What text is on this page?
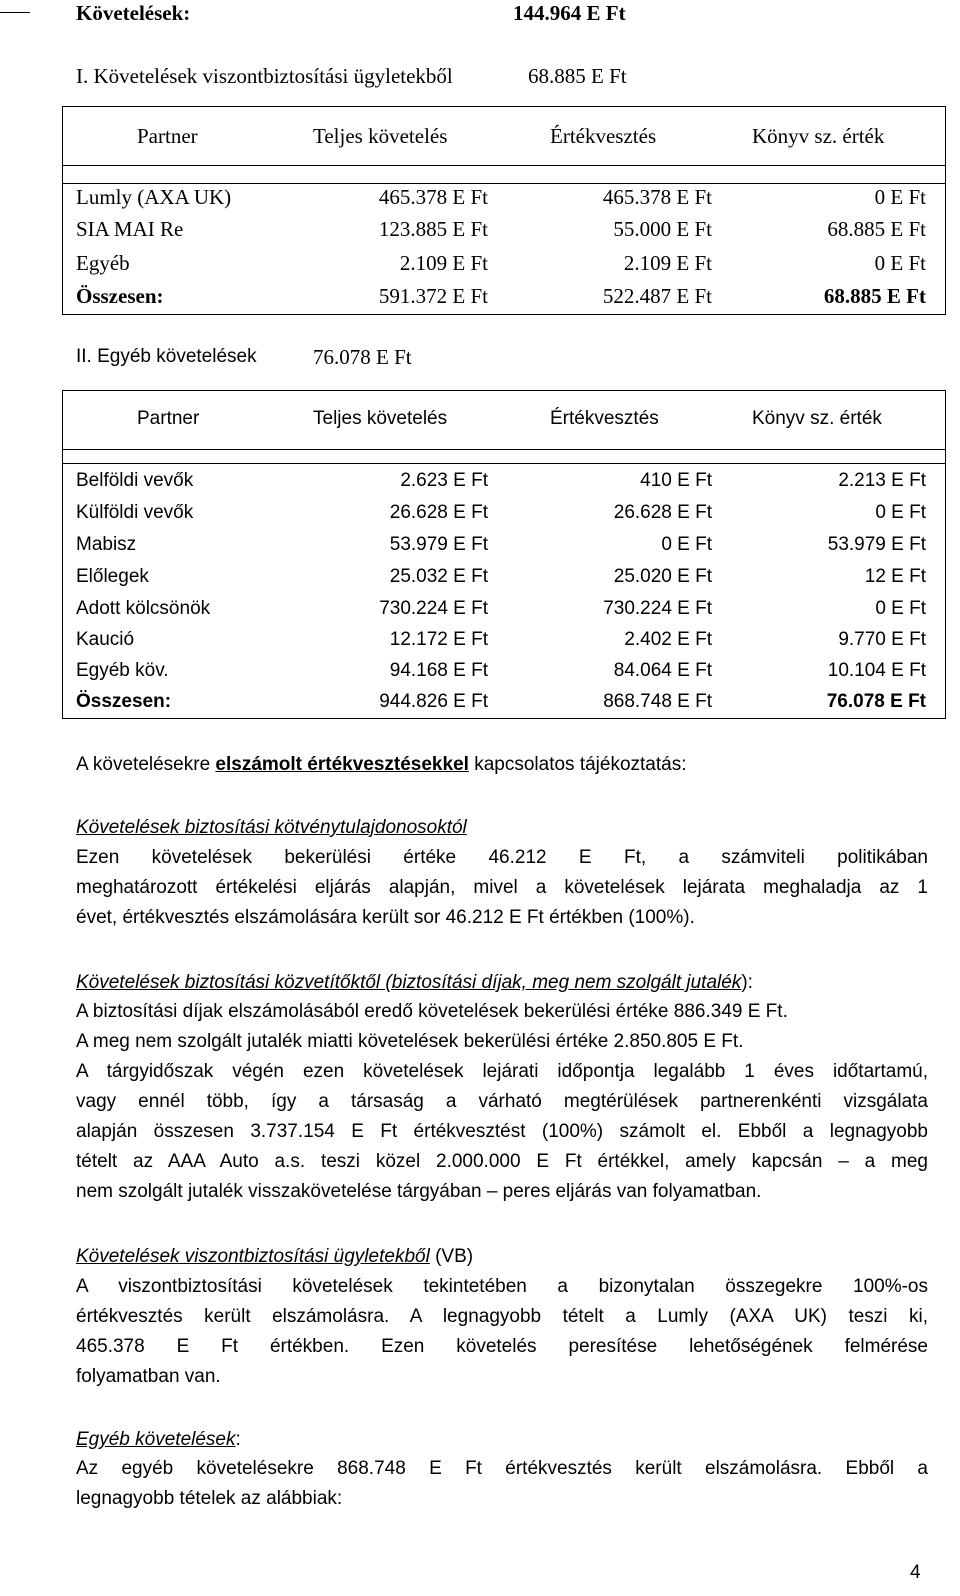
Követelések:	144.964 E Ft
I. Követelések viszontbiztosítási ügyletekből	68.885 E Ft
Partner	Teljes követelés	Értékvesztés	Könyv sz. érték
Lumly (AXA UK)	465.378 E Ft	465.378 E Ft	0 E Ft
SIA MAI Re	123.885 E Ft	55.000 E Ft	68.885 E Ft
Egyéb	2.109 E Ft	2.109 E Ft	0 E Ft
Összesen:	591.372 E Ft	522.487 E Ft	68.885 E Ft
II. Egyéb követelések	76.078 E Ft
Partner	Teljes követelés	Értékvesztés	Könyv sz. érték
Belföldi vevők	2.623 E Ft	410 E Ft	2.213 E Ft
Külföldi vevők	26.628 E Ft	26.628 E Ft	0 E Ft
Mabisz	53.979 E Ft	0 E Ft	53.979 E Ft
Előlegek	25.032 E Ft	25.020 E Ft	12 E Ft
Adott kölcsönök	730.224 E Ft	730.224 E Ft	0 E Ft
Kaució	12.172 E Ft	2.402 E Ft	9.770 E Ft
Egyéb köv.	94.168 E Ft	84.064 E Ft	10.104 E Ft
Összesen:	944.826 E Ft	868.748 E Ft	76.078 E Ft
A követelésekre elszámolt értékvesztésekkel kapcsolatos tájékoztatás:
Követelések biztosítási kötvénytulajdonosoktól
Ezen követelések bekerülési értéke 46.212 E Ft, a számviteli politikában
meghatározott értékelési eljárás alapján, mivel a követelések lejárata meghaladja az 1
évet, értékvesztés elszámolására került sor 46.212 E Ft értékben (100%).
Követelések biztosítási közvetítőktől (biztosítási díjak, meg nem szolgált jutalék):
A biztosítási díjak elszámolásából eredő követelések bekerülési értéke 886.349 E Ft.
A meg nem szolgált jutalék miatti követelések bekerülési értéke 2.850.805 E Ft.
A tárgyidőszak végén ezen követelések lejárati időpontja legalább 1 éves időtartamú,
vagy ennél több, így a társaság a várható megtérülések partnerenkénti vizsgálata
alapján összesen 3.737.154 E Ft értékvesztést (100%) számolt el. Ebből a legnagyobb
tételt az AAA Auto a.s. teszi közel 2.000.000 E Ft értékkel, amely kapcsán – a meg
nem szolgált jutalék visszakövetelése tárgyában – peres eljárás van folyamatban.
Követelések viszontbiztosítási ügyletekből (VB)
A viszontbiztosítási követelések tekintetében a bizonytalan összegekre 100%-os
értékvesztés került elszámolásra. A legnagyobb tételt a Lumly (AXA UK) teszi ki,
465.378 E Ft értékben. Ezen követelés peresítése lehetőségének felmérése
folyamatban van.
Egyéb követelések:
Az egyéb követelésekre 868.748 E Ft értékvesztés került elszámolásra. Ebből a
legnagyobb tételek az alábbiak:
4
